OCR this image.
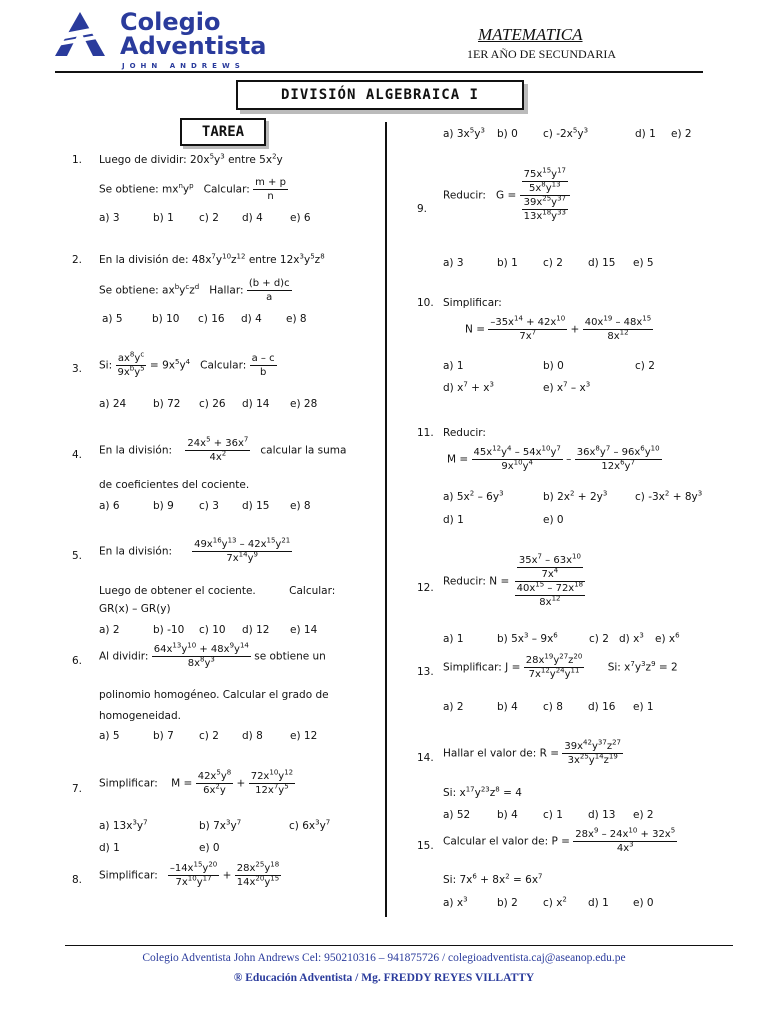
Colegio
Adventista
JOHN ANDREWS
MATEMATICA
1ER AÑO DE SECUNDARIA
DIVISIÓN ALGEBRAICA I
TAREA
1. Luego de dividir: $20x^5y^3$ entre $5x^2y$
Se obtiene: $mx^ny^p$ Calcular: $\frac{m + p}{n}$
a) 3	b) 1	c) 2	d) 4	e) 6
2. En la división de: $48x^7y^{10}z^{12}$ entre $12x^3y^5z^8$
Se obtiene: $ax^by^cz^d$ Hallar: $\frac{(b + d)c}{a}$
a) 5	b) 10	c) 16	d) 4	e) 8
3. Si:
$ax^8y^c$
$9x^by^5 = 9x^5y^4$ Calcular: $\frac{a - c}{b}$
a) 24	b) 72	c) 26	d) 14	e) 28
4. En la división: $\frac{24x^5 + 36x^7}{4x^2}$ calcular la suma
de coeficientes del cociente.
a) 6	b) 9	c) 3	d) 15	e) 8
5. En la división: $\frac{49x^{16}y^{13} - 42x^{15}y^{21}}{7x^{14}y^9}$
Luego de obtener el cociente.	Calcular:
GR(x) – GR(y)
a) 2	b) -10	c) 10	d) 12	e) 14
6. Al dividir: $\frac{64x^{13}y^{10} + 48x^9y^{14}}{8x^8y^3}$ se obtiene un
polinomio homogéneo. Calcular el grado de
homogeneidad.
a) 5	b) 7	c) 2	d) 8	e) 12
7. Simplificar:    $M = \frac{42x^5y^8}{6x^2y} + \frac{72x^{10}y^{12}}{12x^7y^5}$
a) $13x^3y^7$	b) $7x^3y^7$	c) $6x^3y^7$
d) 1	e) 0
8. Simplificar: $\frac{-14x^{15}y^{20}}{7x^{10}y^{17}} + \frac{28x^{25}y^{18}}{14x^{20}y^{15}}$
a) $3x^5y^3$	b) 0	c) $-2x^5y^3$	d) 1	e) 2
9.
Reducir:   $G = \frac{\frac{75x^{15}y^{17}}{5x^8y^{13}}}{\frac{39x^{25}y^{37}}{13x^{18}y^{33}}}$
a) 3	b) 1	c) 2	d) 15	e) 5
10. Simplificar:
$N = \frac{-35x^{14} + 42x^{10}}{7x^7} + \frac{40x^{19} - 48x^{15}}{8x^{12}}$
a) 1	b) 0	c) 2
d) $x^7 + x^3$	e) $x^7 - x^3$
11. Reducir:
$M = \frac{45x^{12}y^4 - 54x^{10}y^7}{9x^{10}y^4} - \frac{36x^8y^7 - 96x^6y^{10}}{12x^6y^7}$
a) $5x^2 - 6y^3$	b) $2x^2 + 2y^3$	c) $-3x^2 + 8y^3$
d) 1	e) 0
12.
Reducir: $N = \frac{\frac{35x^7 - 63x^{10}}{7x^4}}{\frac{40x^{15} - 72x^{18}}{8x^{12}}}$
a) 1	b) $5x^3 - 9x^6$	c) 2 d) $x^3$	e) $x^6$
13. Simplificar: $J = \frac{28x^{19}y^{27}z^{20}}{7x^{12}y^{24}y^{11}} Si$: $x^7y^3z^9 = 2$
a) 2	b) 4	c) 8	d) 16	e) 1
14. Hallar el valor de: $R = \frac{39x^{42}y^{37}z^{27}}{3x^{25}y^{14}z^{19}}$
Si: $x^{17}y^{23}z^8 = 4$
a) 52	b) 4	c) 1	d) 13	e) 2
15. Calcular el valor de: $P = \frac{28x^9 - 24x^{10} + 32x^5}{4x^3}$
Si: $7x^6 + 8x^2 = 6x^7$
a) $x^3$	b) 2	c) $x^2$	d) 1	e) 0
Colegio Adventista John Andrews Cel: 950210316 – 941875726 / colegioadventista.caj@aseanop.edu.pe
® Educación Adventista / Mg. FREDDY REYES VILLATTY
